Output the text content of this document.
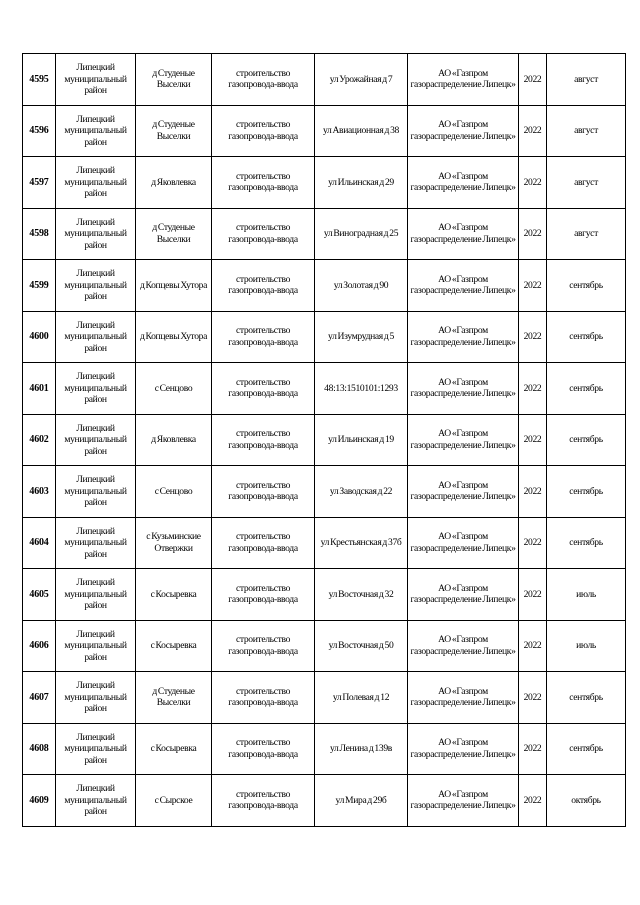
4595	Липецкий муниципальный район	д Студеные Выселки	строительство газопровода-ввода	ул Урожайная д 7	АО «Газпром газораспределение Липецк»	2022	август
4596	Липецкий муниципальный район	д Студеные Выселки	строительство газопровода-ввода	ул Авиационная д 38	АО «Газпром газораспределение Липецк»	2022	август
4597	Липецкий муниципальный район	д Яковлевка	строительство газопровода-ввода	ул Ильинская д 29	АО «Газпром газораспределение Липецк»	2022	август
4598	Липецкий муниципальный район	д Студеные Выселки	строительство газопровода-ввода	ул Виноградная д 25	АО «Газпром газораспределение Липецк»	2022	август
4599	Липецкий муниципальный район	д Копцевы Хутора	строительство газопровода-ввода	ул Золотая д 90	АО «Газпром газораспределение Липецк»	2022	сентябрь
4600	Липецкий муниципальный район	д Копцевы Хутора	строительство газопровода-ввода	ул Изумрудная д 5	АО «Газпром газораспределение Липецк»	2022	сентябрь
4601	Липецкий муниципальный район	с Сенцово	строительство газопровода-ввода	48:13:1510101:1293	АО «Газпром газораспределение Липецк»	2022	сентябрь
4602	Липецкий муниципальный район	д Яковлевка	строительство газопровода-ввода	ул Ильинская д 19	АО «Газпром газораспределение Липецк»	2022	сентябрь
4603	Липецкий муниципальный район	с Сенцово	строительство газопровода-ввода	ул Заводская д 22	АО «Газпром газораспределение Липецк»	2022	сентябрь
4604	Липецкий муниципальный район	с Кузьминские Отвержки	строительство газопровода-ввода	ул Крестьянская д 37б	АО «Газпром газораспределение Липецк»	2022	сентябрь
4605	Липецкий муниципальный район	с Косыревка	строительство газопровода-ввода	ул Восточная д 32	АО «Газпром газораспределение Липецк»	2022	июль
4606	Липецкий муниципальный район	с Косыревка	строительство газопровода-ввода	ул Восточная д 50	АО «Газпром газораспределение Липецк»	2022	июль
4607	Липецкий муниципальный район	д Студеные Выселки	строительство газопровода-ввода	ул Полевая д 12	АО «Газпром газораспределение Липецк»	2022	сентябрь
4608	Липецкий муниципальный район	с Косыревка	строительство газопровода-ввода	ул Ленина д 139в	АО «Газпром газораспределение Липецк»	2022	сентябрь
4609	Липецкий муниципальный район	с Сырское	строительство газопровода-ввода	ул Мира д 29б	АО «Газпром газораспределение Липецк»	2022	октябрь
